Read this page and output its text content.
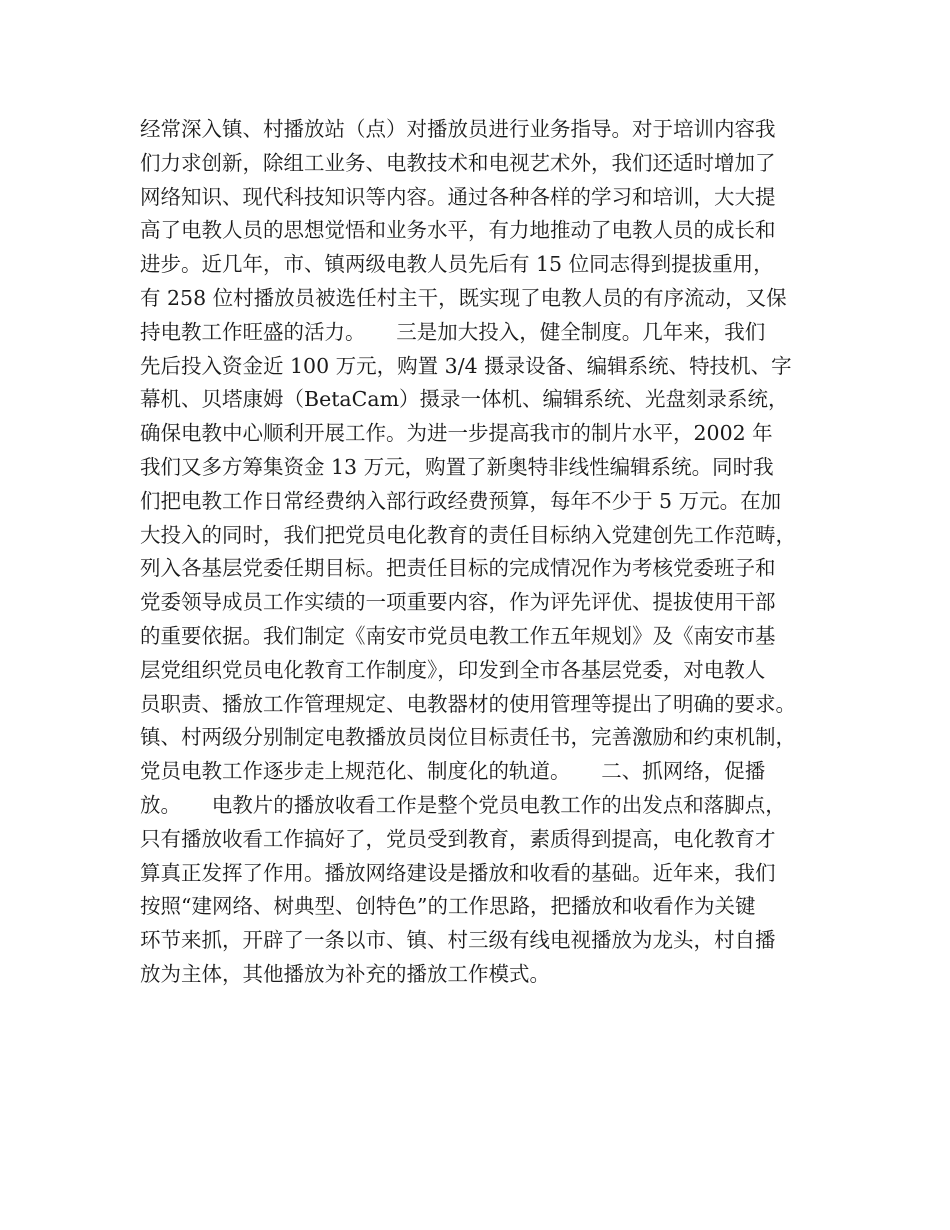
经常深入镇、村播放站（点）对播放员进行业务指导。对于培训内容我
们力求创新，除组工业务、电教技术和电视艺术外，我们还适时增加了
网络知识、现代科技知识等内容。通过各种各样的学习和培训，大大提
高了电教人员的思想觉悟和业务水平，有力地推动了电教人员的成长和
进步。近几年，市、镇两级电教人员先后有 15 位同志得到提拔重用，
有 258 位村播放员被选任村主干，既实现了电教人员的有序流动，又保
持电教工作旺盛的活力。　　三是加大投入，健全制度。几年来，我们
先后投入资金近 100 万元，购置 3/4 摄录设备、编辑系统、特技机、字
幕机、贝塔康姆（BetaCam）摄录一体机、编辑系统、光盘刻录系统，
确保电教中心顺利开展工作。为进一步提高我市的制片水平，2002 年
我们又多方筹集资金 13 万元，购置了新奥特非线性编辑系统。同时我
们把电教工作日常经费纳入部行政经费预算，每年不少于 5 万元。在加
大投入的同时，我们把党员电化教育的责任目标纳入党建创先工作范畴，
列入各基层党委任期目标。把责任目标的完成情况作为考核党委班子和
党委领导成员工作实绩的一项重要内容，作为评先评优、提拔使用干部
的重要依据。我们制定《南安市党员电教工作五年规划》及《南安市基
层党组织党员电化教育工作制度》，印发到全市各基层党委，对电教人
员职责、播放工作管理规定、电教器材的使用管理等提出了明确的要求。
镇、村两级分别制定电教播放员岗位目标责任书，完善激励和约束机制，
党员电教工作逐步走上规范化、制度化的轨道。　　二、抓网络，促播
放。　　电教片的播放收看工作是整个党员电教工作的出发点和落脚点，
只有播放收看工作搞好了，党员受到教育，素质得到提高，电化教育才
算真正发挥了作用。播放网络建设是播放和收看的基础。近年来，我们
按照“建网络、树典型、创特色”的工作思路，把播放和收看作为关键
环节来抓，开辟了一条以市、镇、村三级有线电视播放为龙头，村自播
放为主体，其他播放为补充的播放工作模式。
